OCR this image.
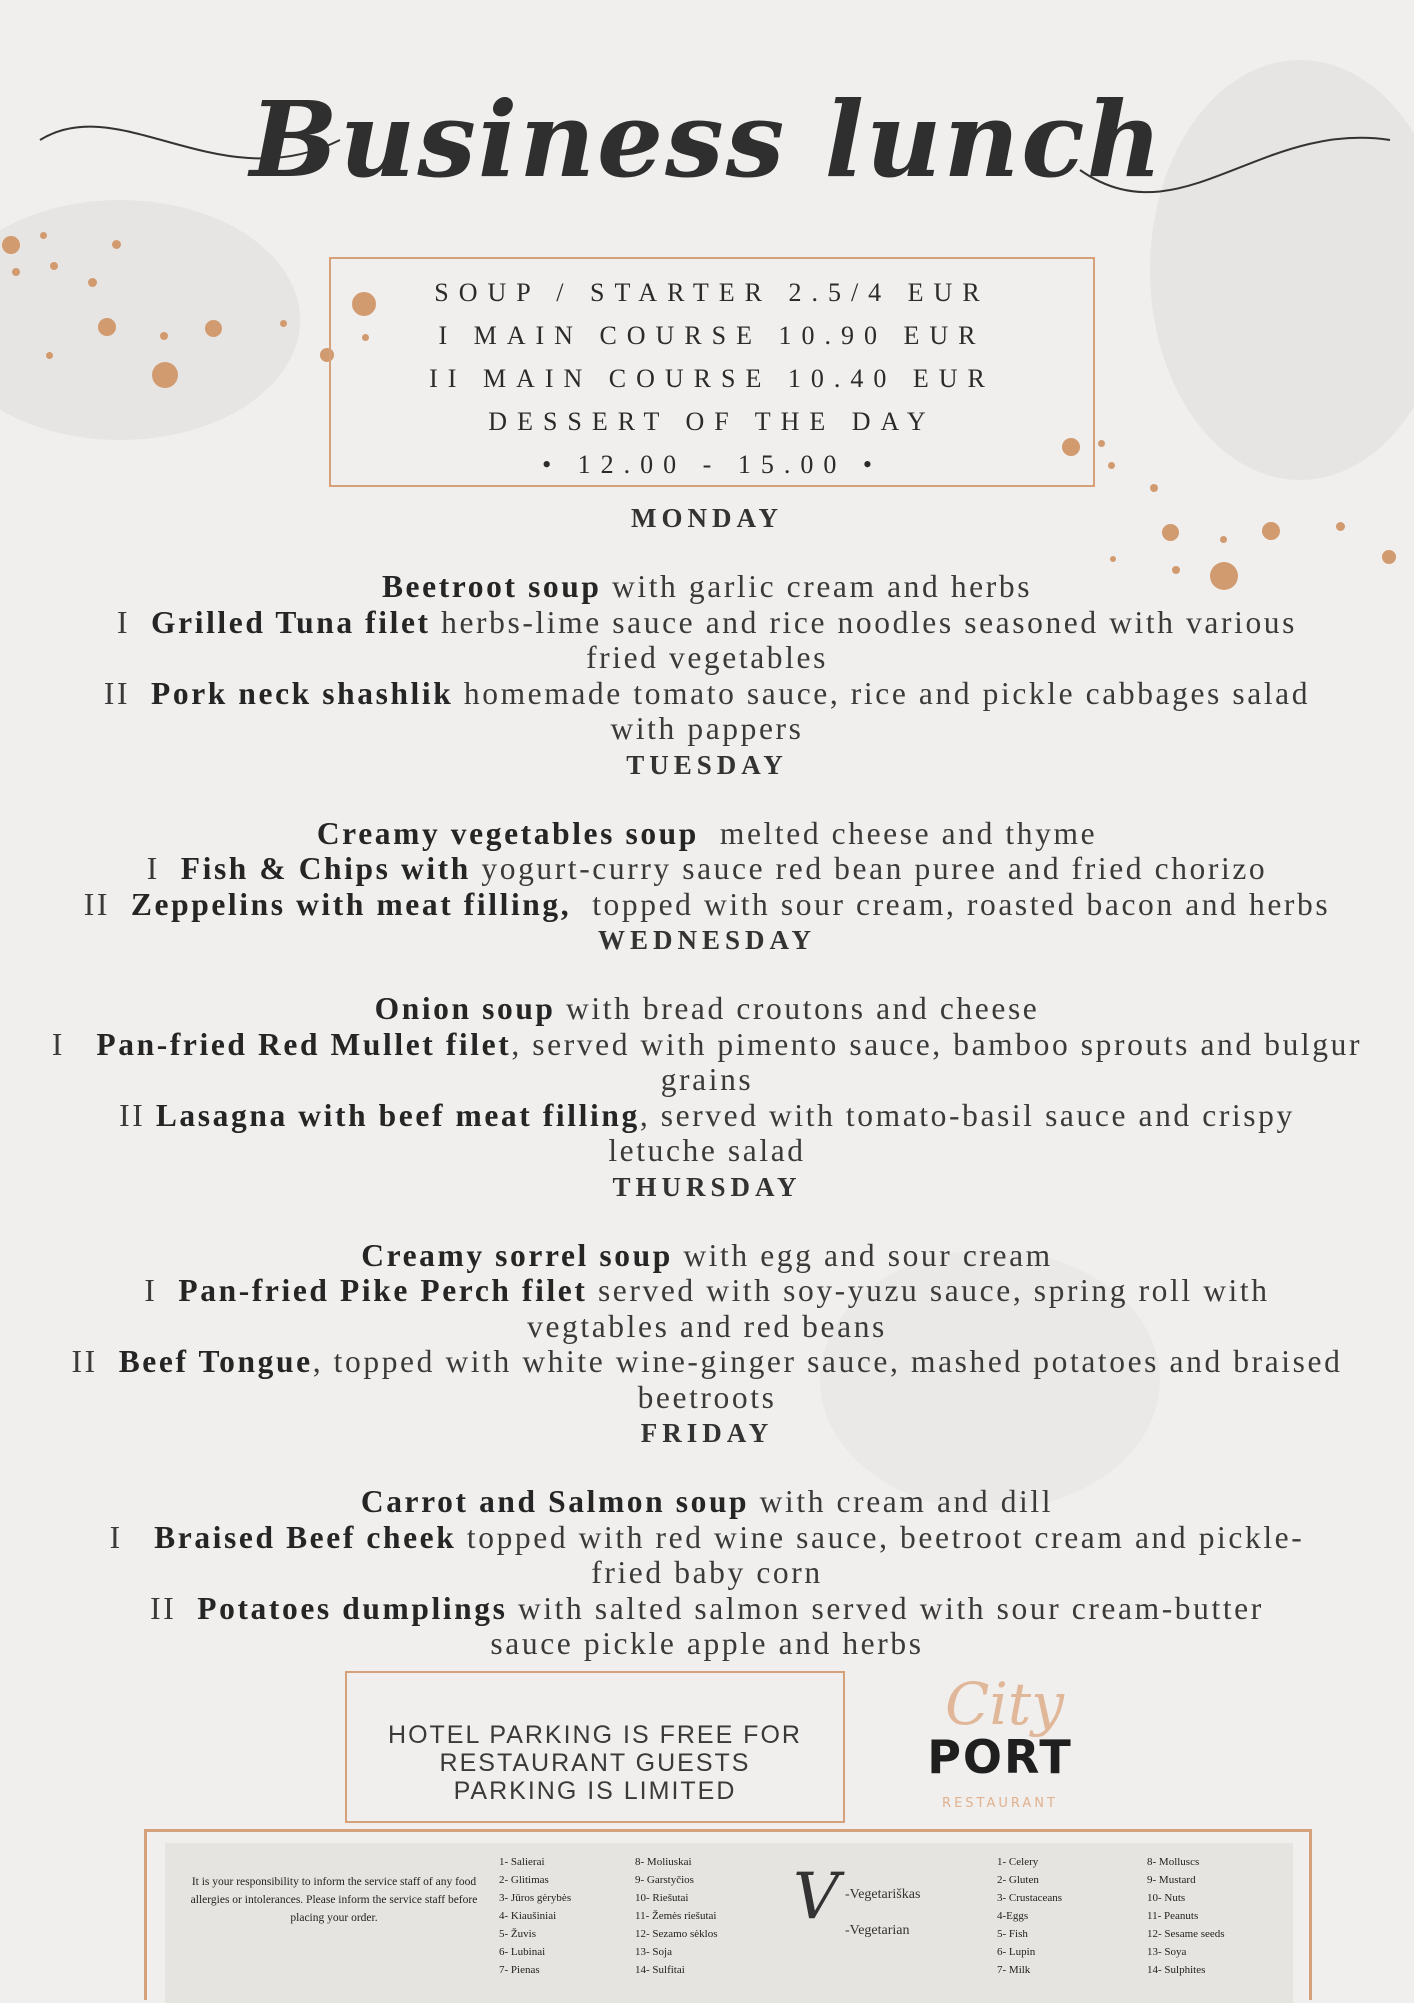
Business lunch
SOUP / STARTER 2.5/4 EUR
I MAIN COURSE 10.90 EUR
II MAIN COURSE 10.40 EUR
DESSERT OF THE DAY
• 12.00 - 15.00 •
MONDAY
Beetroot soup with garlic cream and herbs
I  Grilled Tuna filet herbs-lime sauce and rice noodles seasoned with various fried vegetables
II  Pork neck shashlik homemade tomato sauce, rice and pickle cabbages salad with pappers
TUESDAY
Creamy vegetables soup  melted cheese and thyme
I  Fish & Chips with yogurt-curry sauce red bean puree and fried chorizo
II  Zeppelins with meat filling,  topped with sour cream, roasted bacon and herbs
WEDNESDAY
Onion soup with bread croutons and cheese
I   Pan-fried Red Mullet filet, served with pimento sauce, bamboo sprouts and bulgur grains
II Lasagna with beef meat filling, served with tomato-basil sauce and crispy letuche salad
THURSDAY
Creamy sorrel soup with egg and sour cream
I  Pan-fried Pike Perch filet served with soy-yuzu sauce, spring roll with vegtables and red beans
II  Beef Tongue, topped with white wine-ginger sauce, mashed potatoes and braised beetroots
FRIDAY
Carrot and Salmon soup with cream and dill
I   Braised Beef cheek topped with red wine sauce, beetroot cream and pickle-fried baby corn
II  Potatoes dumplings with salted salmon served with sour cream-butter sauce pickle apple and herbs
HOTEL PARKING IS FREE FOR
RESTAURANT GUESTS
PARKING IS LIMITED
City
PORT
RESTAURANT
It is your responsibility to inform the service staff of any food allergies or intolerances. Please inform the service staff before placing your order.
1- Salierai
2- Glitimas
3- Jūros gėrybės
4- Kiaušiniai
5- Žuvis
6- Lubinai
7- Pienas
8- Moliuskai
9- Garstyčios
10- Riešutai
11- Žemės riešutai
12- Sezamo sėklos
13- Soja
14- Sulfitai
V -Vegetariškas
-Vegetarian
1- Celery
2- Gluten
3- Crustaceans
4-Eggs
5- Fish
6- Lupin
7- Milk
8- Molluscs
9- Mustard
10- Nuts
11- Peanuts
12- Sesame seeds
13- Soya
14- Sulphites
